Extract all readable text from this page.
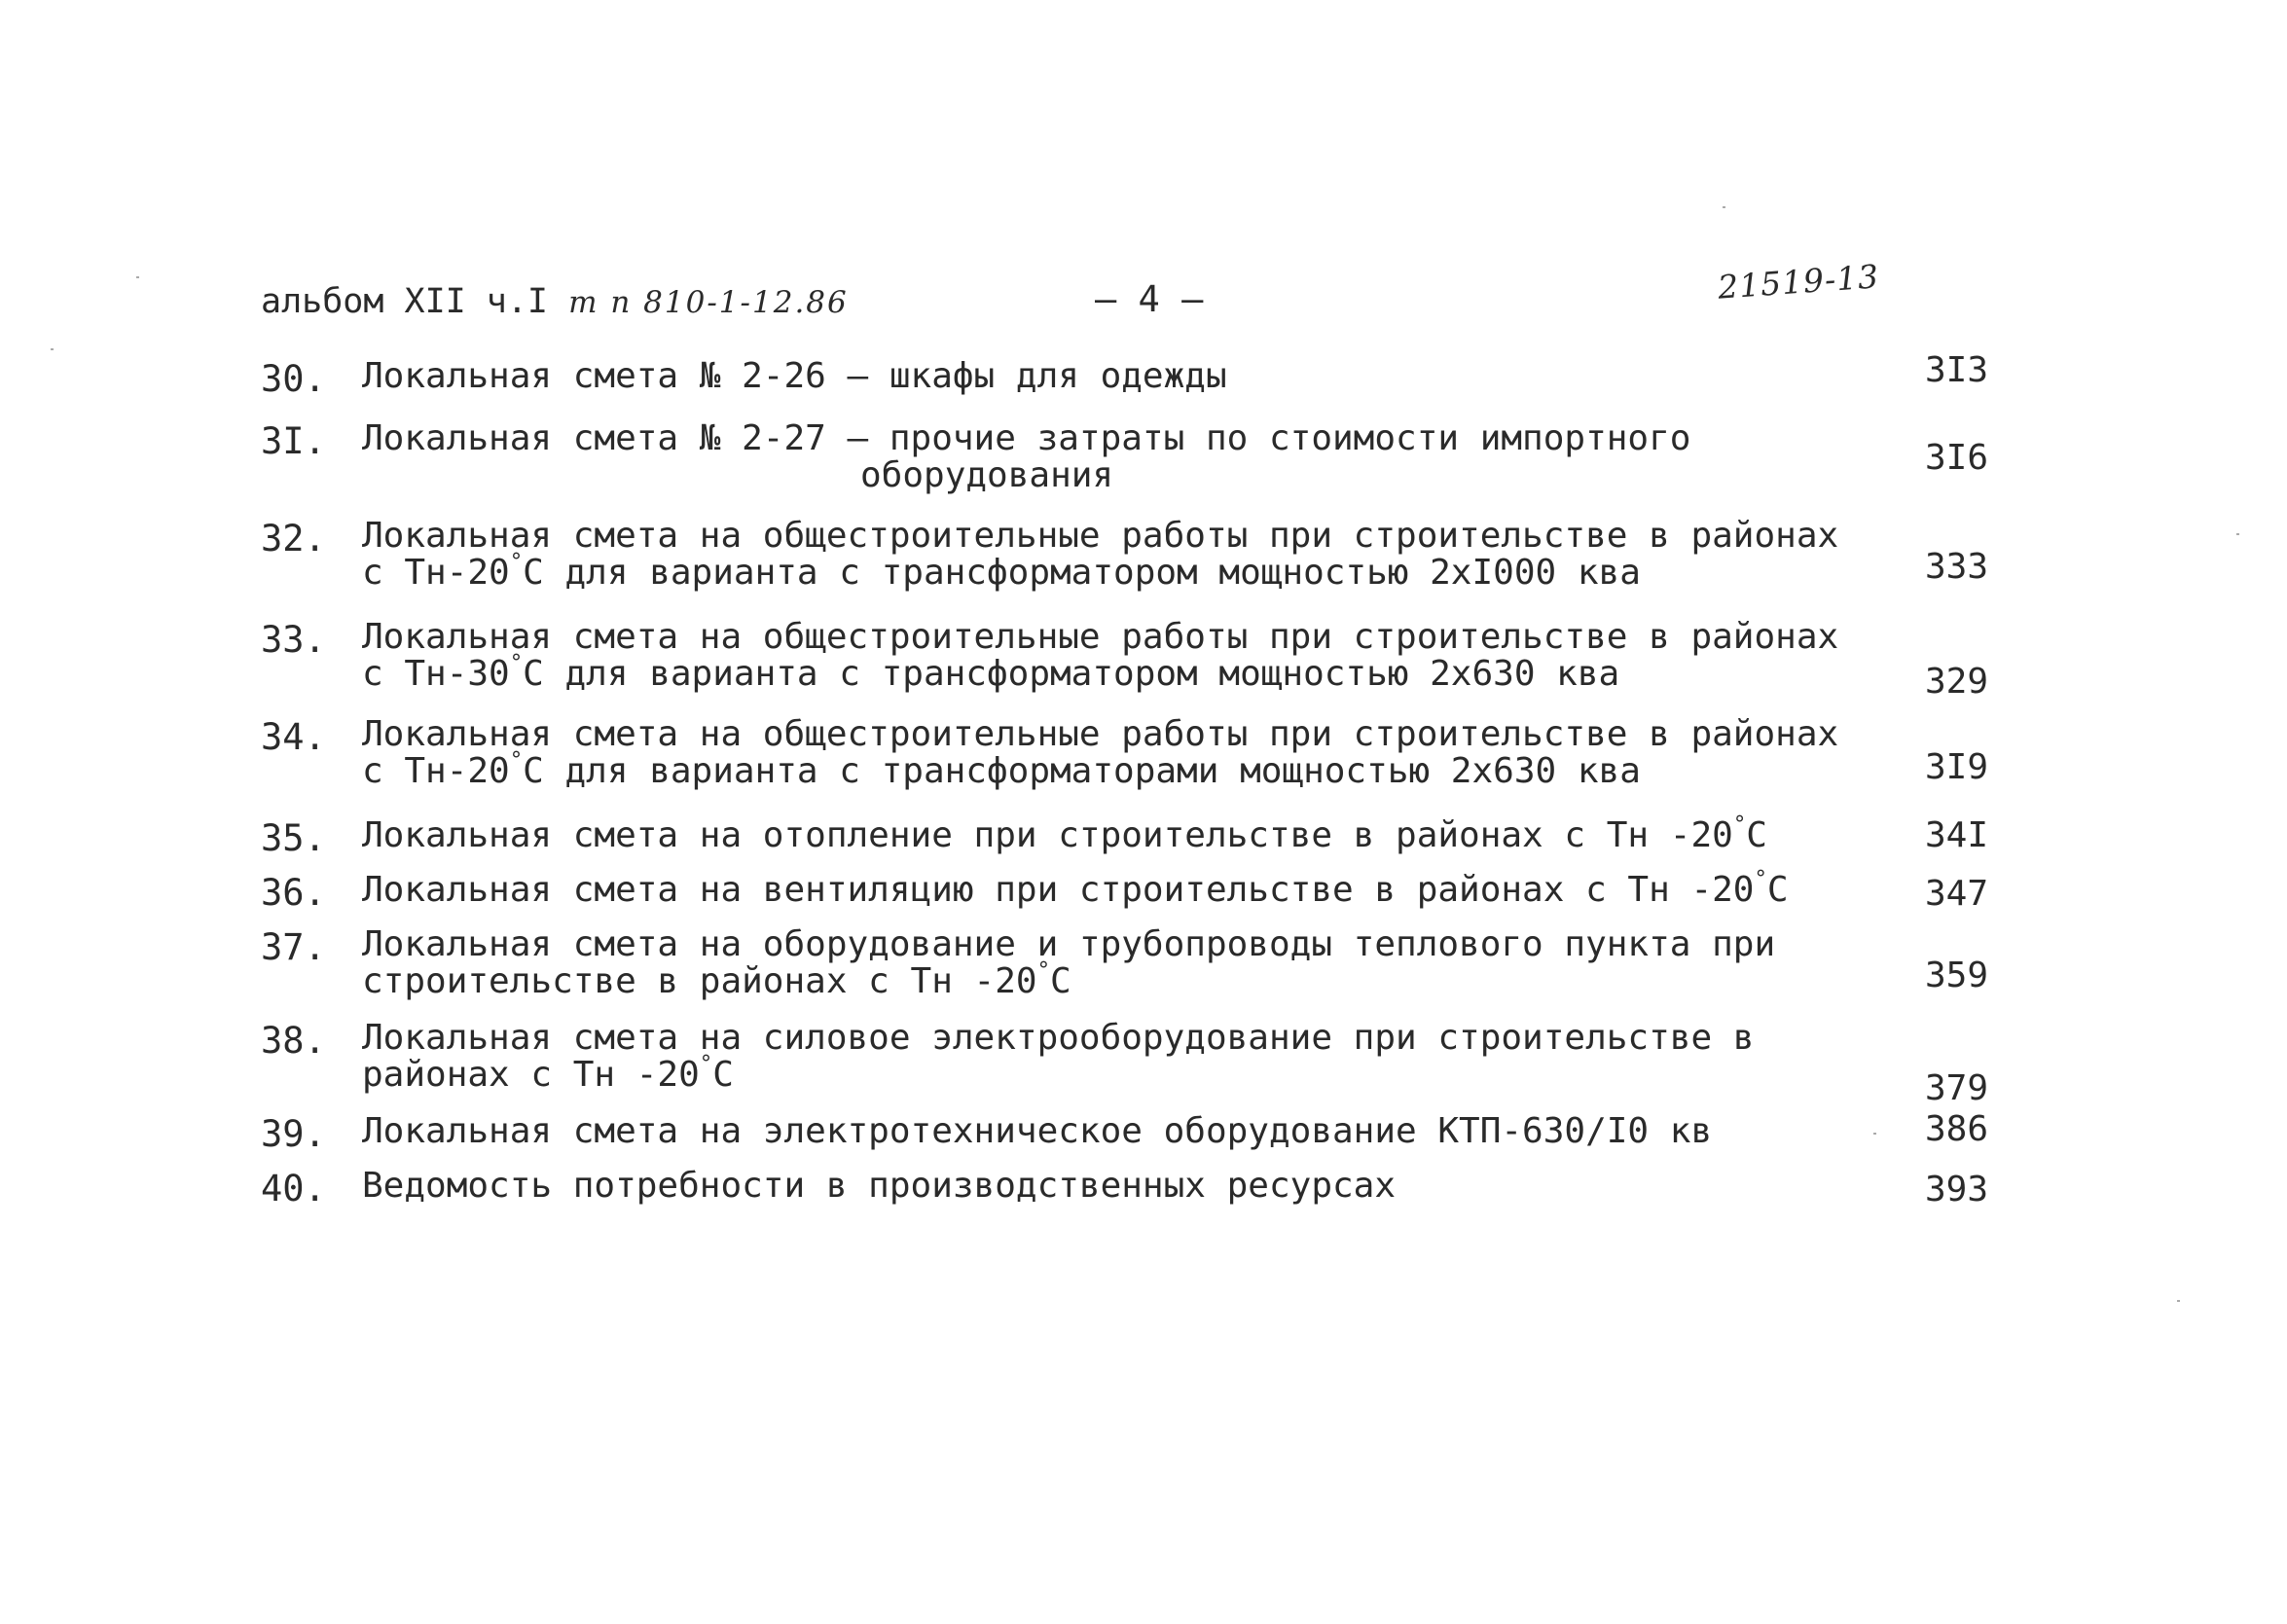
альбом XII ч.I т п 810-1-12.86	– 4 –	21519-13
30. Локальная смета № 2-26 – шкафы для одежды	3I3
3I. Локальная смета № 2-27 – прочие затраты по стоимости импортного
оборудования	3I6
32. Локальная смета на общестроительные работы при строительстве в районах
с Тн-20°С для варианта с трансформатором мощностью 2хI000 ква	333
33. Локальная смета на общестроительные работы при строительстве в районах
с Тн-30°С для варианта с трансформатором мощностью 2х630 ква	329
34. Локальная смета на общестроительные работы при строительстве в районах
с Тн-20°С для варианта с трансформаторами мощностью 2х630 ква	3I9
35. Локальная смета на отопление при строительстве в районах с Тн -20°С	34I
36. Локальная смета на вентиляцию при строительстве в районах с Тн -20°С	347
37. Локальная смета на оборудование и трубопроводы теплового пункта при
строительстве в районах с Тн -20°С	359
38. Локальная смета на силовое электрооборудование при строительстве в
районах с Тн -20°С	379
39. Локальная смета на электротехническое оборудование КТП-630/I0 кв	386
40. Ведомость потребности в производственных ресурсах	393
